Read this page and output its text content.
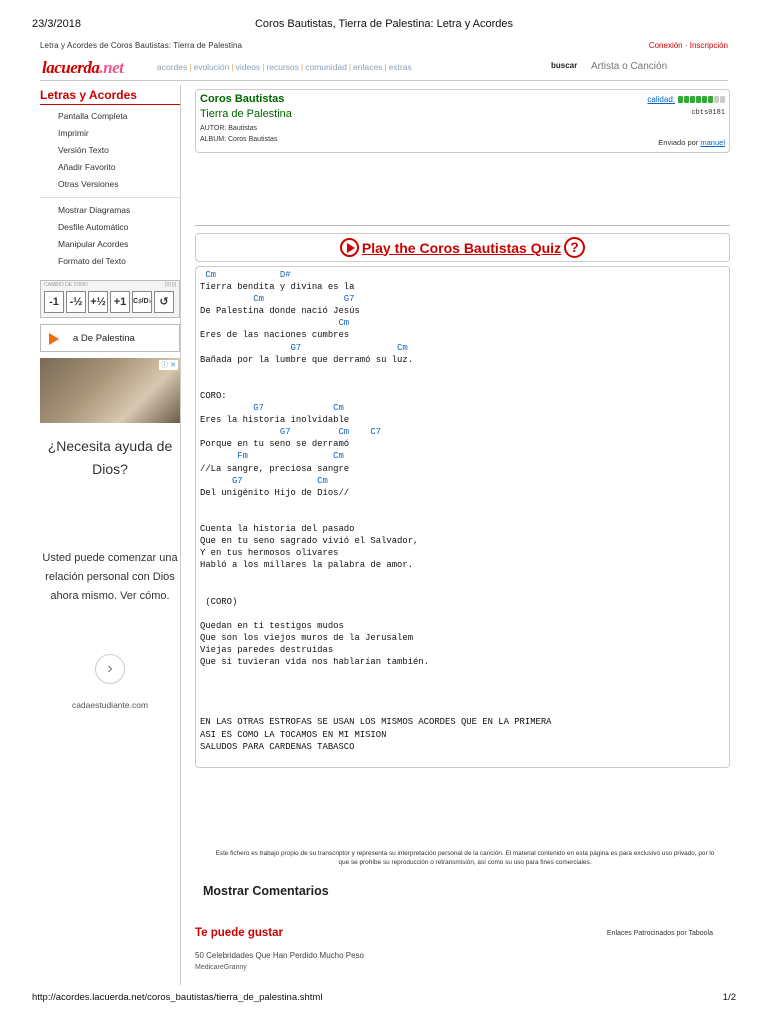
23/3/2018	Coros Bautistas, Tierra de Palestina: Letra y Acordes
Letra y Acordes de Coros Bautistas: Tierra de Palestina	Conexión · Inscripción
lacuerda.net	acordes | evolución | videos | recursos | comunidad | enlaces | extras	buscar
Artista o Canción
Letras y Acordes
Pantalla Completa
Imprimir
Versión Texto
Añadir Favorito
Otras Versiones
Mostrar Diagramas
Desfile Automático
Manipular Acordes
Formato del Texto
CAMBIO DE TONO	[0] [i]
-1 -½ +½ +1 C♯/D♭ ↺
a De Palestina
ⓘ ✕
¿Necesita ayuda de Dios?
Usted puede comenzar una relación personal con Dios ahora mismo. Ver cómo.
›
cadaestudiante.com
Coros Bautistas
Tierra de Palestina
AUTOR: Bautistas
ALBUM: Coros Bautistas
calidad:
cbts0181
Enviado por manuel
Play the Coros Bautistas Quiz ?
Cm            D#
Tierra bendita y divina es la
Cm               G7
De Palestina donde nació Jesús
Cm
Eres de las naciones cumbres
G7                  Cm
Bañada por la lumbre que derramó su luz.

CORO:
G7             Cm
Eres la historia inolvidable
G7         Cm    C7
Porque en tu seno se derramó
Fm                Cm
//La sangre, preciosa sangre
G7              Cm
Del unigénito Hijo de Dios//

Cuenta la historia del pasado
Que en tu seno sagrado vivió el Salvador,
Y en tus hermosos olivares
Habló a los millares la palabra de amor.

(CORO)

Quedan en ti testigos mudos
Que son los viejos muros de la Jerusalem
Viejas paredes destruidas
Que si tuvieran vida nos hablarían también.

EN LAS OTRAS ESTROFAS SE USAN LOS MISMOS ACORDES QUE EN LA PRIMERA
ASI ES COMO LA TOCAMOS EN MI MISION
SALUDOS PARA CARDENAS TABASCO
Este fichero es trabajo propio de su transcriptor y representa su interpretación personal de la canción. El material contenido en esta página es para exclusivo uso privado, por lo que se prohíbe su reproducción o retransmisión, así como su uso para fines comerciales.
Mostrar Comentarios
Te puede gustar	Enlaces Patrocinados por Taboola
50 Celebridades Que Han Perdido Mucho Peso
MedicareGranny
http://acordes.lacuerda.net/coros_bautistas/tierra_de_palestina.shtml	1/2
